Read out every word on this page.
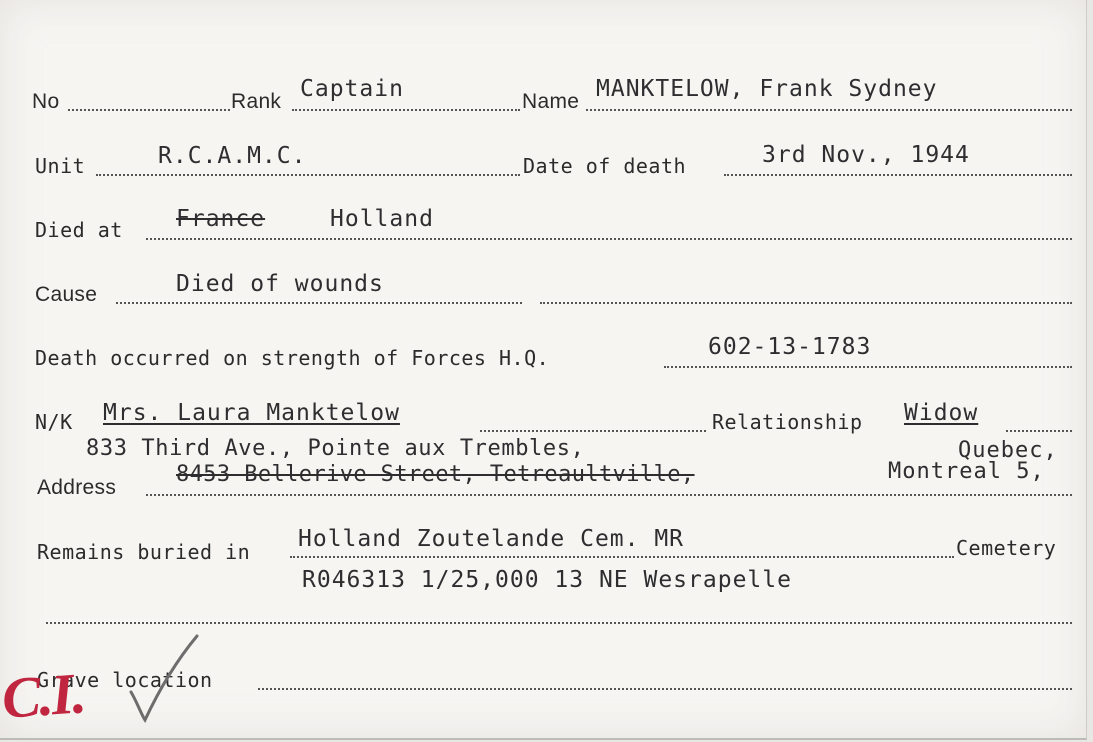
No	Rank Captain	Name MANKTELOW, Frank Sydney
Unit	R.C.A.M.C.	Date of death	3rd Nov., 1944
Died at France	Holland
Cause	Died of wounds
Death occurred on strength of Forces H.Q.	602-13-1783
N/K Mrs. Laura Manktelow	Relationship Widow
833 Third Ave., Pointe aux Trembles,	Quebec,
Address
8453-Bellerive-Street,-Tetreaultville,	Montreal 5,
Remains buried in Holland Zoutelande Cem. MR	Cemetery
R046313 1/25,000 13 NE Wesrapelle
Grave location
C.I.
